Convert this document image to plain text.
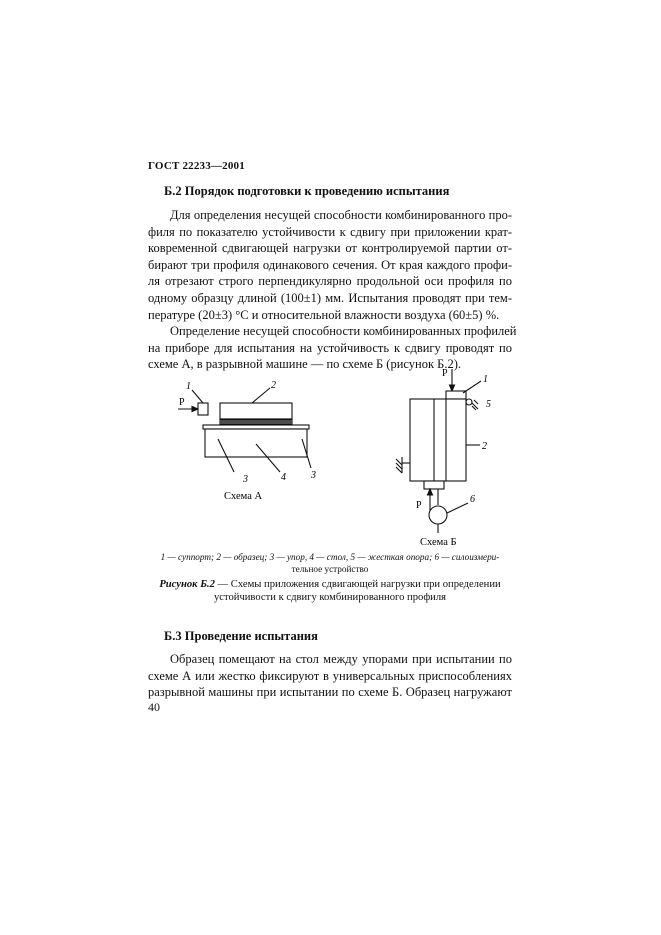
ГОСТ 22233—2001
Б.2 Порядок подготовки к проведению испытания
Для определения несущей способности комбинированного про-
филя по показателю устойчивости к сдвигу при приложении крат-
ковременной сдвигающей нагрузки от контролируемой партии от-
бирают три профиля одинакового сечения. От края каждого профи-
ля отрезают строго перпендикулярно продольной оси профиля по
одному образцу длиной (100±1) мм. Испытания проводят при тем-
пературе (20±3) °С и относительной влажности воздуха (60±5) %.
Определение несущей способности комбинированных профилей
на приборе для испытания на устойчивость к сдвигу проводят по
схеме А, в разрывной машине — по схеме Б (рисунок Б.2).
P
1	2
3	4	3
Схема А
P
1
5
2
P
6
Схема Б
1 — суппорт; 2 — образец; 3 — упор, 4 — стол, 5 — жесткая опора; 6 — силоизмери-
тельное устройство
Рисунок Б.2 — Схемы приложения сдвигающей нагрузки при определении
устойчивости к сдвигу комбинированного профиля
Б.3 Проведение испытания
Образец помещают на стол между упорами при испытании по
схеме А или жестко фиксируют в универсальных приспособлениях
разрывной машины при испытании по схеме Б. Образец нагружают
40
